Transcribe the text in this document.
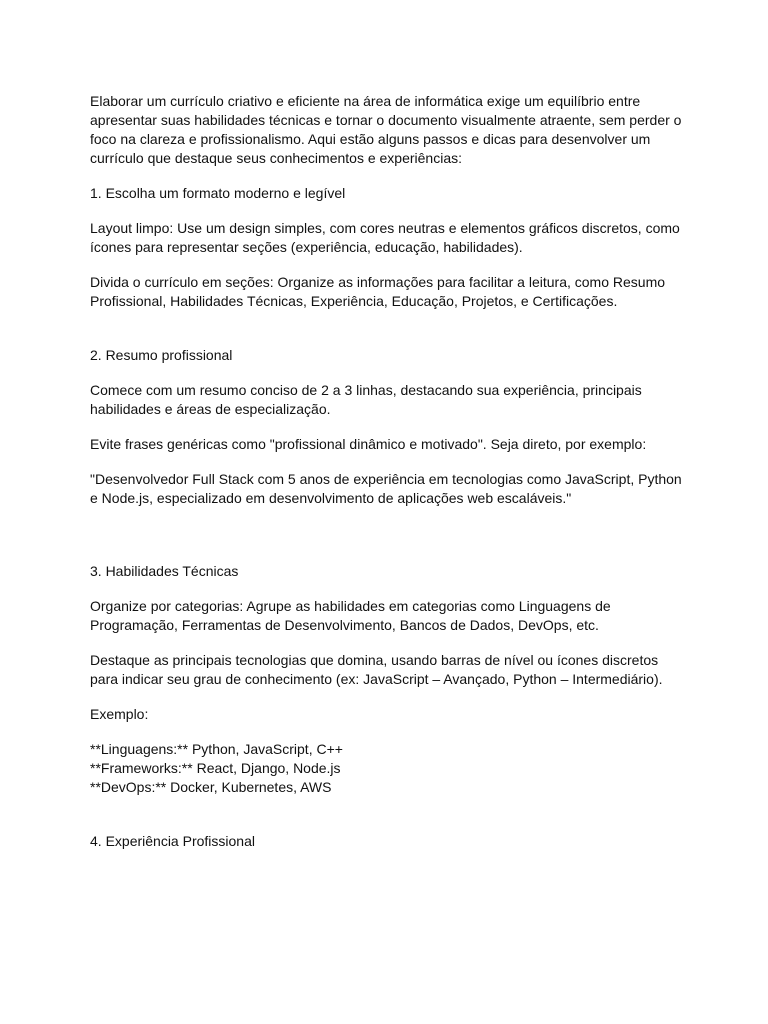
Elaborar um currículo criativo e eficiente na área de informática exige um equilíbrio entre
apresentar suas habilidades técnicas e tornar o documento visualmente atraente, sem perder o
foco na clareza e profissionalismo. Aqui estão alguns passos e dicas para desenvolver um
currículo que destaque seus conhecimentos e experiências:
1. Escolha um formato moderno e legível
Layout limpo: Use um design simples, com cores neutras e elementos gráficos discretos, como
ícones para representar seções (experiência, educação, habilidades).
Divida o currículo em seções: Organize as informações para facilitar a leitura, como Resumo
Profissional, Habilidades Técnicas, Experiência, Educação, Projetos, e Certificações.
2. Resumo profissional
Comece com um resumo conciso de 2 a 3 linhas, destacando sua experiência, principais
habilidades e áreas de especialização.
Evite frases genéricas como "profissional dinâmico e motivado". Seja direto, por exemplo:
"Desenvolvedor Full Stack com 5 anos de experiência em tecnologias como JavaScript, Python
e Node.js, especializado em desenvolvimento de aplicações web escaláveis."
3. Habilidades Técnicas
Organize por categorias: Agrupe as habilidades em categorias como Linguagens de
Programação, Ferramentas de Desenvolvimento, Bancos de Dados, DevOps, etc.
Destaque as principais tecnologias que domina, usando barras de nível ou ícones discretos
para indicar seu grau de conhecimento (ex: JavaScript – Avançado, Python – Intermediário).
Exemplo:
**Linguagens:** Python, JavaScript, C++
**Frameworks:** React, Django, Node.js
**DevOps:** Docker, Kubernetes, AWS
4. Experiência Profissional
